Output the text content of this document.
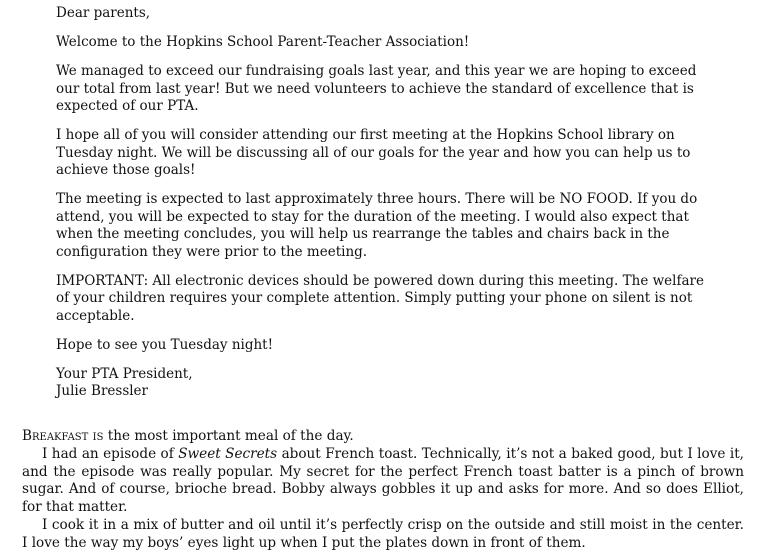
Dear parents,

Welcome to the Hopkins School Parent-Teacher Association!

We managed to exceed our fundraising goals last year, and this year we are hoping to exceed our total from last year! But we need volunteers to achieve the standard of excellence that is expected of our PTA.

I hope all of you will consider attending our first meeting at the Hopkins School library on Tuesday night. We will be discussing all of our goals for the year and how you can help us to achieve those goals!

The meeting is expected to last approximately three hours. There will be NO FOOD. If you do attend, you will be expected to stay for the duration of the meeting. I would also expect that when the meeting concludes, you will help us rearrange the tables and chairs back in the configuration they were prior to the meeting.

IMPORTANT: All electronic devices should be powered down during this meeting. The welfare of your children requires your complete attention. Simply putting your phone on silent is not acceptable.

Hope to see you Tuesday night!

Your PTA President,
Julie Bressler

Breakfast is the most important meal of the day.

I had an episode of Sweet Secrets about French toast. Technically, it’s not a baked good, but I love it, and the episode was really popular. My secret for the perfect French toast batter is a pinch of brown sugar. And of course, brioche bread. Bobby always gobbles it up and asks for more. And so does Elliot, for that matter.

I cook it in a mix of butter and oil until it’s perfectly crisp on the outside and still moist in the center. I love the way my boys’ eyes light up when I put the plates down in front of them.
